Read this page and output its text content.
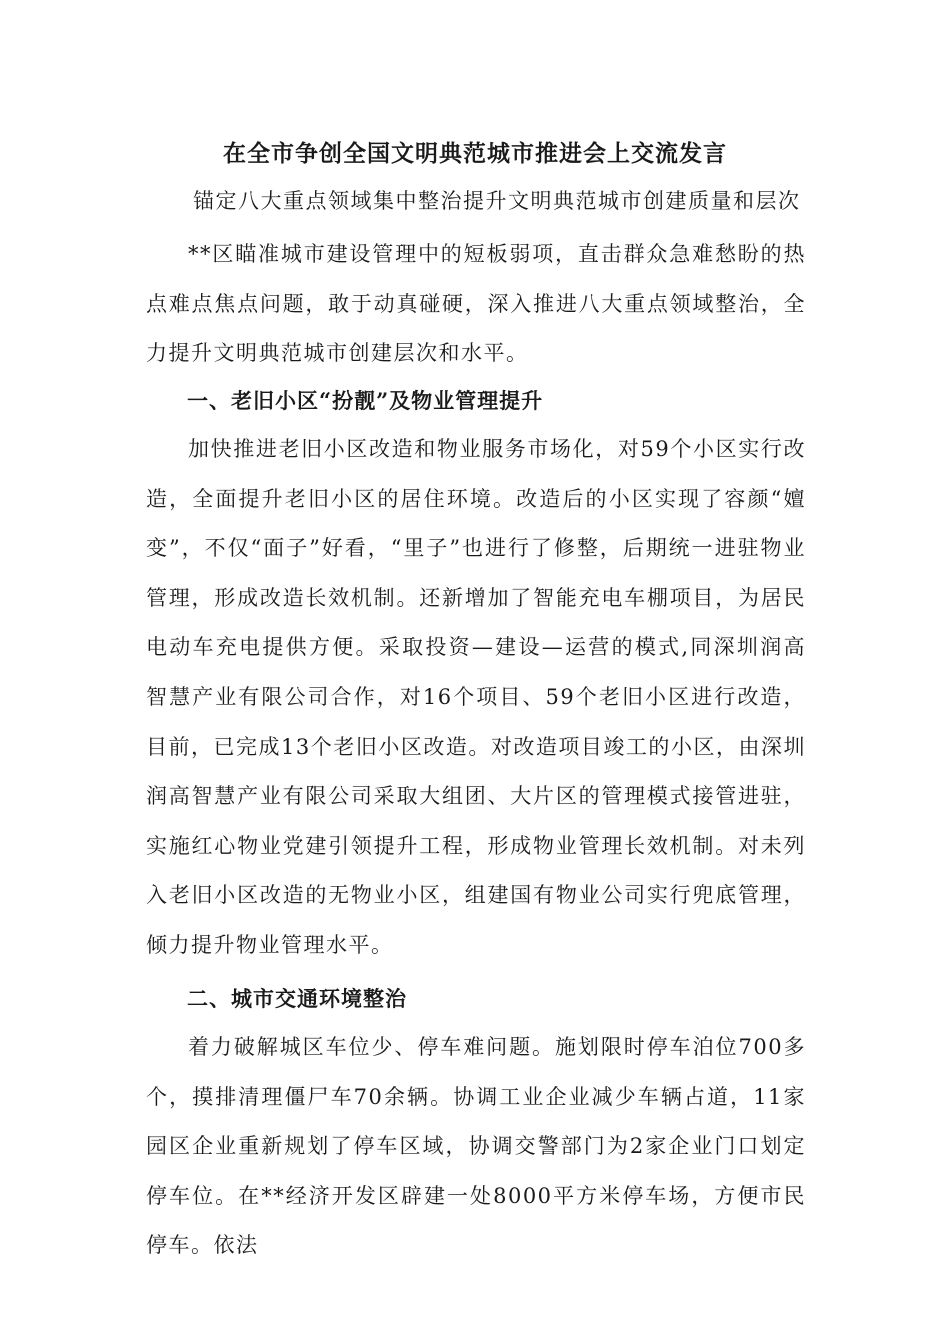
在全市争创全国文明典范城市推进会上交流发言
锚定八大重点领域集中整治提升文明典范城市创建质量和层次

**区瞄准城市建设管理中的短板弱项，直击群众急难愁盼的热点难点焦点问题，敢于动真碰硬，深入推进八大重点领域整治，全力提升文明典范城市创建层次和水平。

一、老旧小区“扮靓”及物业管理提升

加快推进老旧小区改造和物业服务市场化，对59个小区实行改造，全面提升老旧小区的居住环境。改造后的小区实现了容颜“嬗变”，不仅“面子”好看，“里子”也进行了修整，后期统一进驻物业管理，形成改造长效机制。还新增加了智能充电车棚项目，为居民电动车充电提供方便。采取投资—建设—运营的模式,同深圳润高智慧产业有限公司合作，对16个项目、59个老旧小区进行改造，目前，已完成13个老旧小区改造。对改造项目竣工的小区，由深圳润高智慧产业有限公司采取大组团、大片区的管理模式接管进驻，实施红心物业党建引领提升工程，形成物业管理长效机制。对未列入老旧小区改造的无物业小区，组建国有物业公司实行兜底管理，倾力提升物业管理水平。

二、城市交通环境整治

着力破解城区车位少、停车难问题。施划限时停车泊位700多个，摸排清理僵尸车70余辆。协调工业企业减少车辆占道，11家园区企业重新规划了停车区域，协调交警部门为2家企业门口划定停车位。在**经济开发区辟建一处8000平方米停车场，方便市民停车。依法
